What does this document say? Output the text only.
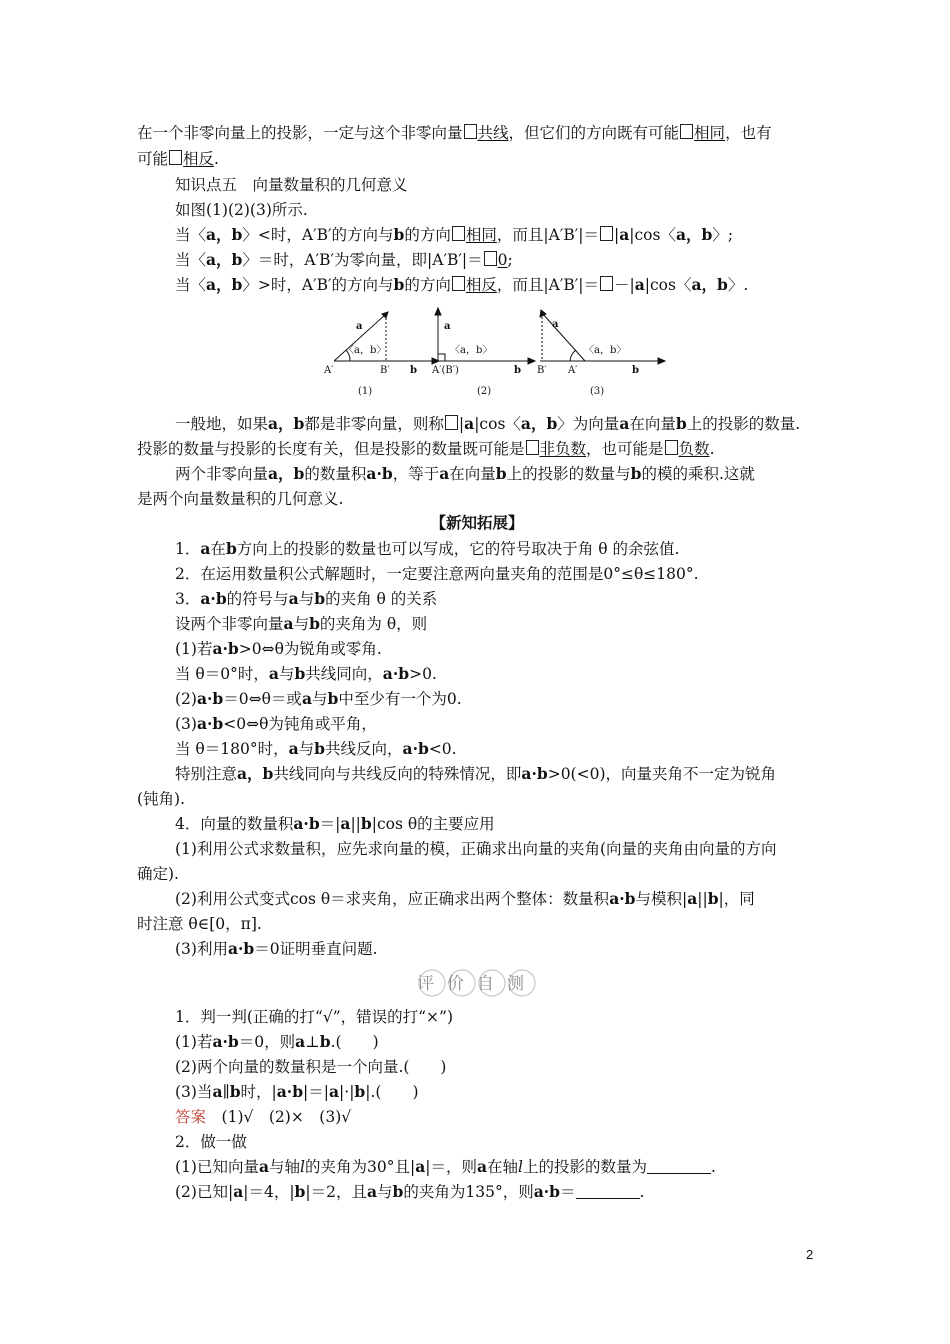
在一个非零向量上的投影，一定与这个非零向量 共线，但它们的方向既有可能 相同，也有
可能 相反.
知识点五　向量数量积的几何意义
如图(1)(2)(3)所示.
当〈a，b〉<时，A′B′的方向与b的方向 相同，而且|A′B′|＝ |a|cos〈a，b〉;
当〈a，b〉＝时，A′B′为零向量，即|A′B′|＝ 0;
当〈a，b〉>时，A′B′的方向与b的方向 相反，而且|A′B′|＝ －|a|cos〈a，b〉.
a
〈a，b〉
A′	B′ b
(1)
a
〈a，b〉
A′(B′)	b
(2)
a
〈a，b〉
B′ A′	b
(3)
一般地，如果a，b都是非零向量，则称 |a|cos〈a，b〉为向量a在向量b上的投影的数量.
投影的数量与投影的长度有关，但是投影的数量既可能是 非负数，也可能是 负数.
两个非零向量a，b的数量积a·b，等于a在向量b上的投影的数量与b的模的乘积.这就
是两个向量数量积的几何意义.
【新知拓展】
1．a在b方向上的投影的数量也可以写成，它的符号取决于角 θ 的余弦值.
2．在运用数量积公式解题时，一定要注意两向量夹角的范围是0°≤θ≤180°.
3．a·b的符号与a与b的夹角 θ 的关系
设两个非零向量a与b的夹角为 θ，则
(1)若a·b>0⇔θ为锐角或零角.
当 θ＝0°时，a与b共线同向，a·b>0.
(2)a·b＝0⇔θ＝或a与b中至少有一个为0.
(3)a·b<0⇔θ为钝角或平角，
当 θ＝180°时，a与b共线反向，a·b<0.
特别注意a，b共线同向与共线反向的特殊情况，即a·b>0(<0)，向量夹角不一定为锐角
(钝角).
4．向量的数量积a·b＝|a||b|cos θ的主要应用
(1)利用公式求数量积，应先求向量的模，正确求出向量的夹角(向量的夹角由向量的方向
确定).
(2)利用公式变式cos θ＝求夹角，应正确求出两个整体：数量积a·b与模积|a||b|，同
时注意 θ∈[0，π].
(3)利用a·b＝0证明垂直问题.
评价自测
1．判一判(正确的打“√”，错误的打“×”)
(1)若a·b＝0，则a⊥b.(　　)
(2)两个向量的数量积是一个向量.(　　)
(3)当a∥b时，|a·b|＝|a|·|b|.(　　)
答案　 (1)√　(2)×　(3)√
2．做一做
(1)已知向量a与轴l的夹角为30°且|a|＝，则a在轴l上的投影的数量为	.
(2)已知|a|＝4，|b|＝2，且a与b的夹角为135°，则a·b＝	.
2
